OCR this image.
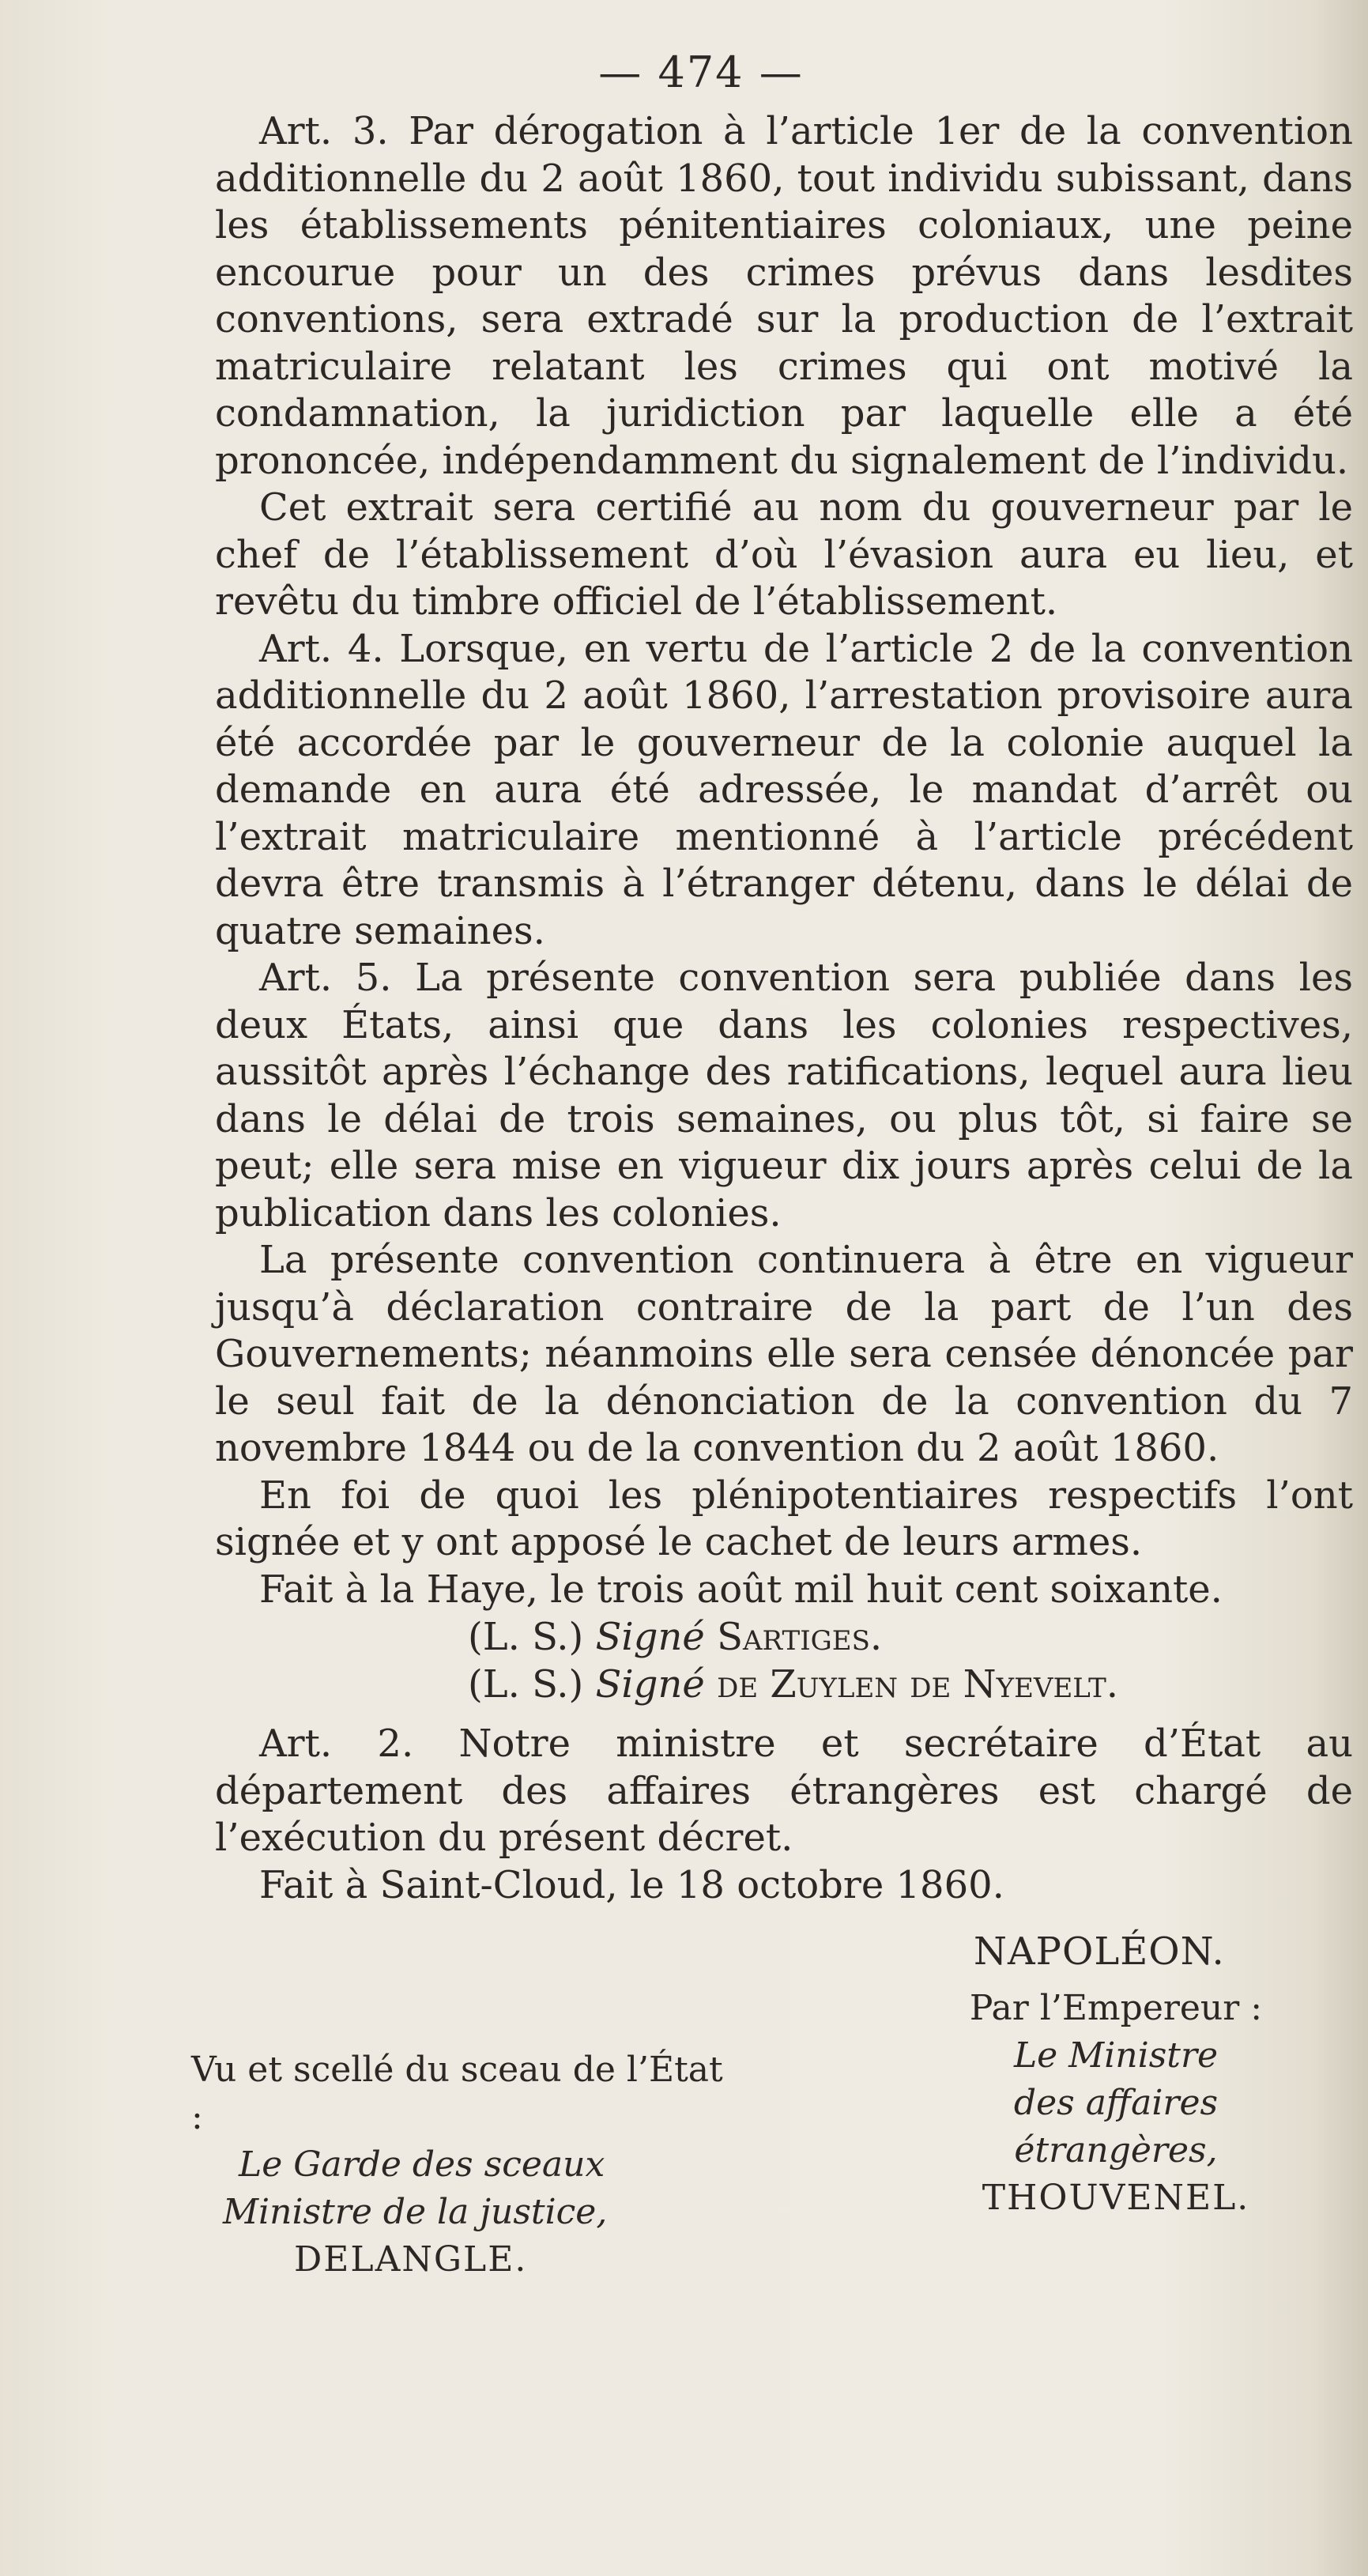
— 474 —

Art. 3. Par dérogation à l’article 1er de la convention additionnelle du 2 août 1860, tout individu subissant, dans les établissements pénitentiaires coloniaux, une peine encourue pour un des crimes prévus dans lesdites conventions, sera extradé sur la production de l’extrait matriculaire relatant les crimes qui ont motivé la condamnation, la juridiction par laquelle elle a été prononcée, indépendamment du signalement de l’individu.

Cet extrait sera certifié au nom du gouverneur par le chef de l’établissement d’où l’évasion aura eu lieu, et revêtu du timbre officiel de l’établissement.

Art. 4. Lorsque, en vertu de l’article 2 de la convention additionnelle du 2 août 1860, l’arrestation provisoire aura été accordée par le gouverneur de la colonie auquel la demande en aura été adressée, le mandat d’arrêt ou l’extrait matriculaire mentionné à l’article précédent devra être transmis à l’étranger détenu, dans le délai de quatre semaines.

Art. 5. La présente convention sera publiée dans les deux États, ainsi que dans les colonies respectives, aussitôt après l’échange des ratifications, lequel aura lieu dans le délai de trois semaines, ou plus tôt, si faire se peut; elle sera mise en vigueur dix jours après celui de la publication dans les colonies.

La présente convention continuera à être en vigueur jusqu’à déclaration contraire de la part de l’un des Gouvernements; néanmoins elle sera censée dénoncée par le seul fait de la dénonciation de la convention du 7 novembre 1844 ou de la convention du 2 août 1860.

En foi de quoi les plénipotentiaires respectifs l’ont signée et y ont apposé le cachet de leurs armes.

Fait à la Haye, le trois août mil huit cent soixante.

(L. S.) Signé Sartiges.
(L. S.) Signé de Zuylen de Nyevelt.

Art. 2. Notre ministre et secrétaire d’État au département des affaires étrangères est chargé de l’exécution du présent décret.

Fait à Saint-Cloud, le 18 octobre 1860.

NAPOLÉON.
Par l’Empereur :
Le Ministre
des affaires étrangères,
THOUVENEL.
Vu et scellé du sceau de l’État :
Le Garde des sceaux
Ministre de la justice,
DELANGLE.
